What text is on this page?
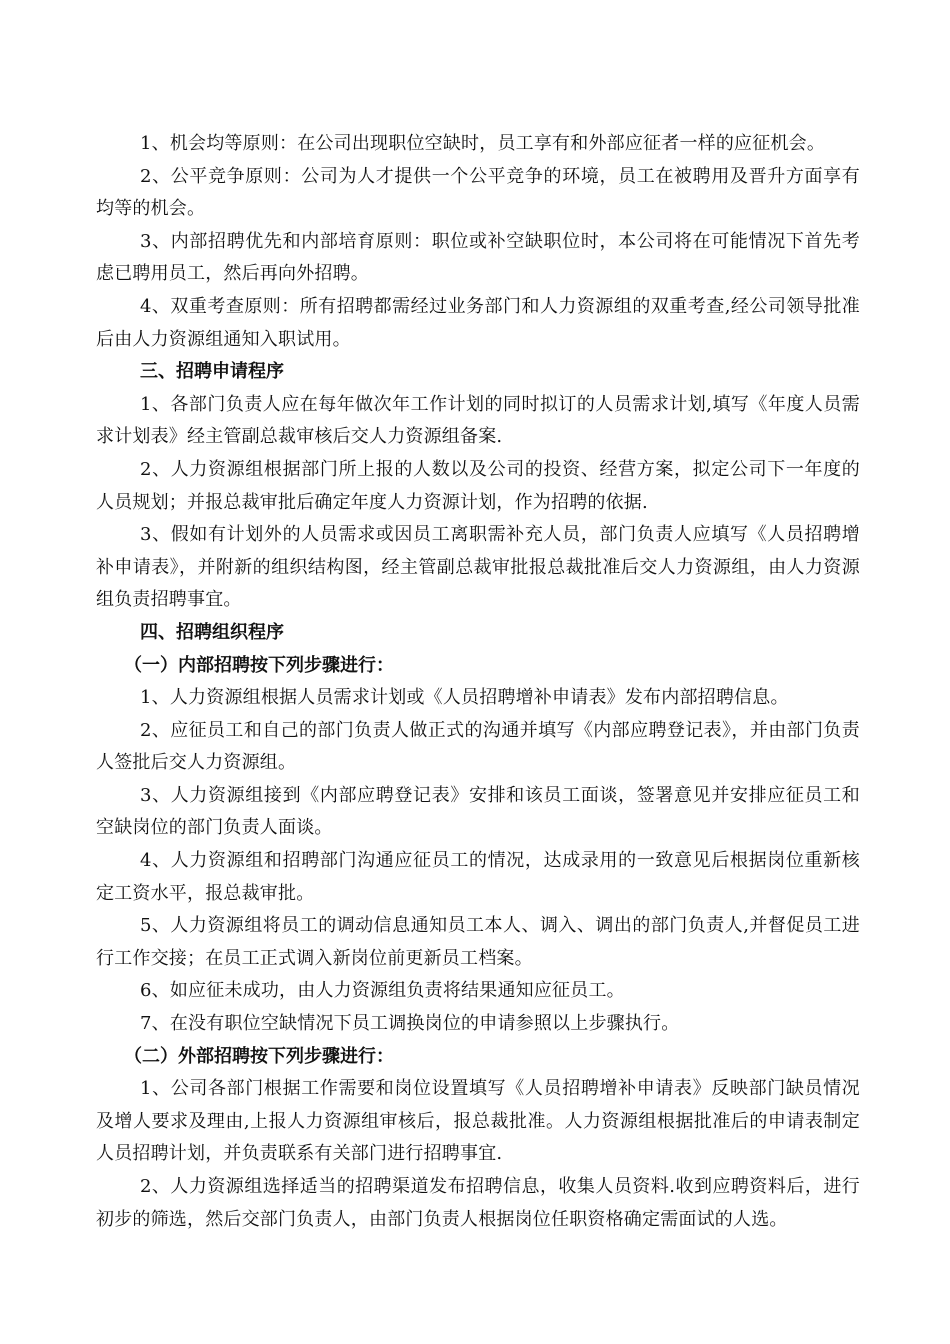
1、机会均等原则：在公司出现职位空缺时，员工享有和外部应征者一样的应征机会。

2、公平竞争原则：公司为人才提供一个公平竞争的环境，员工在被聘用及晋升方面享有均等的机会。

3、内部招聘优先和内部培育原则：职位或补空缺职位时，本公司将在可能情况下首先考虑已聘用员工，然后再向外招聘。

4、双重考查原则：所有招聘都需经过业务部门和人力资源组的双重考查,经公司领导批准后由人力资源组通知入职试用。

三、招聘申请程序

1、各部门负责人应在每年做次年工作计划的同时拟订的人员需求计划,填写《年度人员需求计划表》经主管副总裁审核后交人力资源组备案.

2、人力资源组根据部门所上报的人数以及公司的投资、经营方案，拟定公司下一年度的人员规划；并报总裁审批后确定年度人力资源计划，作为招聘的依据.

3、假如有计划外的人员需求或因员工离职需补充人员，部门负责人应填写《人员招聘增补申请表》，并附新的组织结构图，经主管副总裁审批报总裁批准后交人力资源组，由人力资源组负责招聘事宜。

四、招聘组织程序

（一）内部招聘按下列步骤进行：

1、人力资源组根据人员需求计划或《人员招聘增补申请表》发布内部招聘信息。

2、应征员工和自己的部门负责人做正式的沟通并填写《内部应聘登记表》，并由部门负责人签批后交人力资源组。

3、人力资源组接到《内部应聘登记表》安排和该员工面谈，签署意见并安排应征员工和空缺岗位的部门负责人面谈。

4、人力资源组和招聘部门沟通应征员工的情况，达成录用的一致意见后根据岗位重新核定工资水平，报总裁审批。

5、人力资源组将员工的调动信息通知员工本人、调入、调出的部门负责人,并督促员工进行工作交接；在员工正式调入新岗位前更新员工档案。

6、如应征未成功，由人力资源组负责将结果通知应征员工。

7、在没有职位空缺情况下员工调换岗位的申请参照以上步骤执行。

（二）外部招聘按下列步骤进行：

1、公司各部门根据工作需要和岗位设置填写《人员招聘增补申请表》反映部门缺员情况及增人要求及理由,上报人力资源组审核后，报总裁批准。人力资源组根据批准后的申请表制定人员招聘计划，并负责联系有关部门进行招聘事宜.

2、人力资源组选择适当的招聘渠道发布招聘信息，收集人员资料.收到应聘资料后，进行初步的筛选，然后交部门负责人，由部门负责人根据岗位任职资格确定需面试的人选。
